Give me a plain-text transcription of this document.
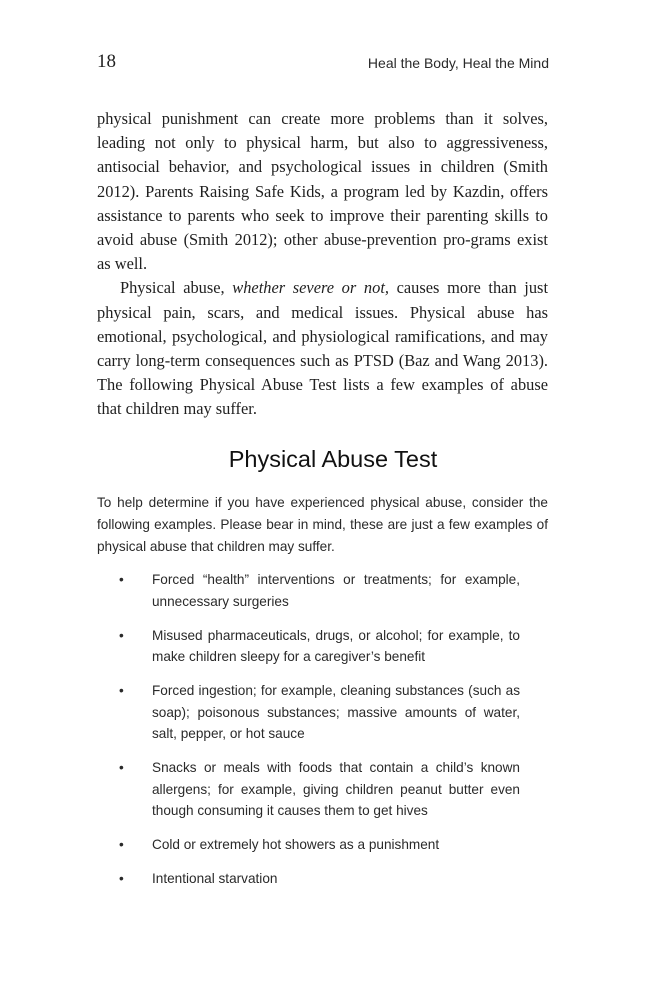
18	Heal the Body, Heal the Mind

physical punishment can create more problems than it solves, leading not only to physical harm, but also to aggressiveness, antisocial behavior, and psychological issues in children (Smith 2012). Parents Raising Safe Kids, a program led by Kazdin, offers assistance to parents who seek to improve their parenting skills to avoid abuse (Smith 2012); other abuse-prevention pro-grams exist as well.

Physical abuse, whether severe or not, causes more than just physical pain, scars, and medical issues. Physical abuse has emotional, psychological, and physiological ramifications, and may carry long-term consequences such as PTSD (Baz and Wang 2013). The following Physical Abuse Test lists a few examples of abuse that children may suffer.

Physical Abuse Test

To help determine if you have experienced physical abuse, consider the following examples. Please bear in mind, these are just a few examples of physical abuse that children may suffer.

• Forced “health” interventions or treatments; for example, unnecessary surgeries
• Misused pharmaceuticals, drugs, or alcohol; for example, to make children sleepy for a caregiver’s benefit
• Forced ingestion; for example, cleaning substances (such as soap); poisonous substances; massive amounts of water, salt, pepper, or hot sauce
• Snacks or meals with foods that contain a child’s known allergens; for example, giving children peanut butter even though consuming it causes them to get hives
• Cold or extremely hot showers as a punishment
• Intentional starvation
